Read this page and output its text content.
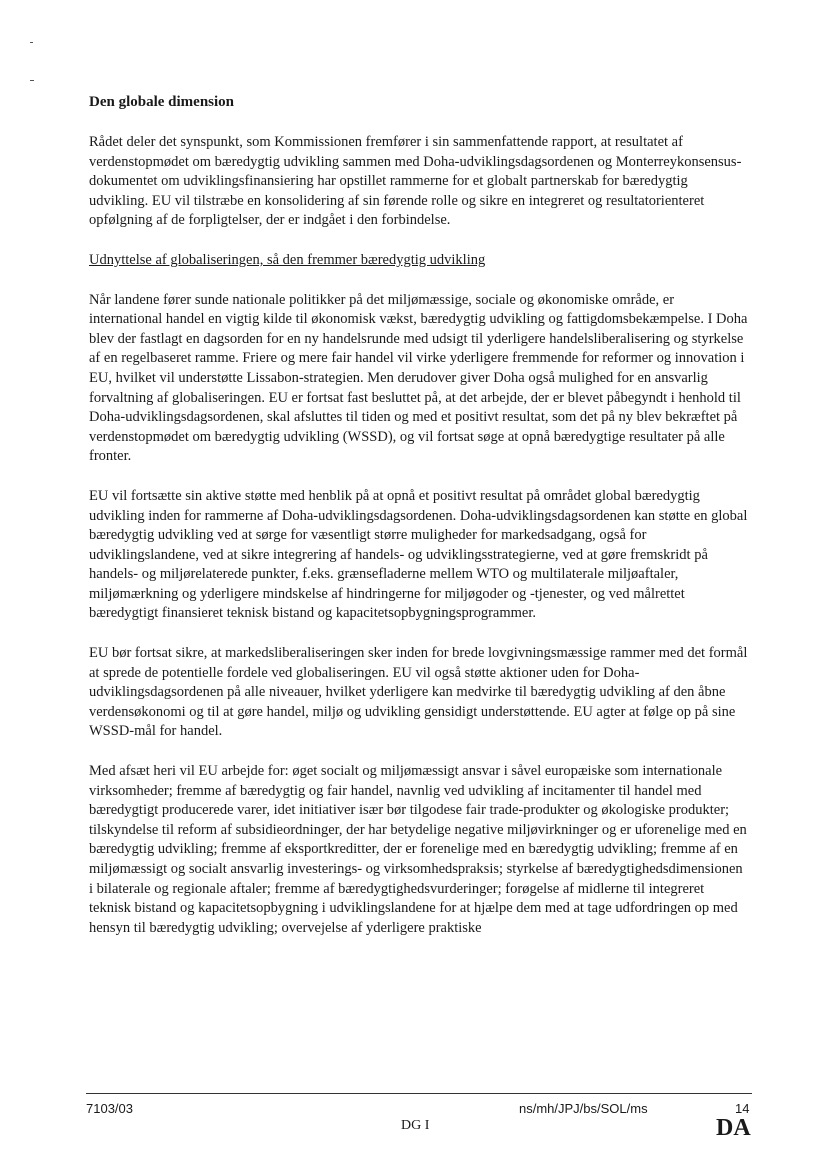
Den globale dimension

Rådet deler det synspunkt, som Kommissionen fremfører i sin sammenfattende rapport, at resultatet af verdenstopmødet om bæredygtig udvikling sammen med Doha-udviklingsdagsordenen og Monterreykonsensus-dokumentet om udviklingsfinansiering har opstillet rammerne for et globalt partnerskab for bæredygtig udvikling. EU vil tilstræbe en konsolidering af sin førende rolle og sikre en integreret og resultatorienteret opfølgning af de forpligtelser, der er indgået i den forbindelse.

Udnyttelse af globaliseringen, så den fremmer bæredygtig udvikling

Når landene fører sunde nationale politikker på det miljømæssige, sociale og økonomiske område, er international handel en vigtig kilde til økonomisk vækst, bæredygtig udvikling og fattigdomsbekæmpelse. I Doha blev der fastlagt en dagsorden for en ny handelsrunde med udsigt til yderligere handelsliberalisering og styrkelse af en regelbaseret ramme. Friere og mere fair handel vil virke yderligere fremmende for reformer og innovation i EU, hvilket vil understøtte Lissabon-strategien. Men derudover giver Doha også mulighed for en ansvarlig forvaltning af globaliseringen. EU er fortsat fast besluttet på, at det arbejde, der er blevet påbegyndt i henhold til Doha-udviklingsdagsordenen, skal afsluttes til tiden og med et positivt resultat, som det på ny blev bekræftet på verdenstopmødet om bæredygtig udvikling (WSSD), og vil fortsat søge at opnå bæredygtige resultater på alle fronter.

EU vil fortsætte sin aktive støtte med henblik på at opnå et positivt resultat på området global bæredygtig udvikling inden for rammerne af Doha-udviklingsdagsordenen. Doha-udviklingsdagsordenen kan støtte en global bæredygtig udvikling ved at sørge for væsentligt større muligheder for markedsadgang, også for udviklingslandene, ved at sikre integrering af handels- og udviklingsstrategierne, ved at gøre fremskridt på handels- og miljørelaterede punkter, f.eks. grænsefladerne mellem WTO og multilaterale miljøaftaler, miljømærkning og yderligere mindskelse af hindringerne for miljøgoder og -tjenester, og ved målrettet bæredygtigt finansieret teknisk bistand og kapacitetsopbygningsprogrammer.

EU bør fortsat sikre, at markedsliberaliseringen sker inden for brede lovgivningsmæssige rammer med det formål at sprede de potentielle fordele ved globaliseringen. EU vil også støtte aktioner uden for Doha-udviklingsdagsordenen på alle niveauer, hvilket yderligere kan medvirke til bæredygtig udvikling af den åbne verdensøkonomi og til at gøre handel, miljø og udvikling gensidigt understøttende. EU agter at følge op på sine WSSD-mål for handel.

Med afsæt heri vil EU arbejde for: øget socialt og miljømæssigt ansvar i såvel europæiske som internationale virksomheder; fremme af bæredygtig og fair handel, navnlig ved udvikling af incitamenter til handel med bæredygtigt producerede varer, idet initiativer især bør tilgodese fair trade-produkter og økologiske produkter; tilskyndelse til reform af subsidieordninger, der har betydelige negative miljøvirkninger og er uforenelige med en bæredygtig udvikling; fremme af eksportkreditter, der er forenelige med en bæredygtig udvikling; fremme af en miljømæssigt og socialt ansvarlig investerings- og virksomhedspraksis; styrkelse af bæredygtighedsdimensionen i bilaterale og regionale aftaler; fremme af bæredygtighedsvurderinger; forøgelse af midlerne til integreret teknisk bistand og kapacitetsopbygning i udviklingslandene for at hjælpe dem med at tage udfordringen op med hensyn til bæredygtig udvikling; overvejelse af yderligere praktiske

7103/03	ns/mh/JPJ/bs/SOL/ms	14
DG I	DA
